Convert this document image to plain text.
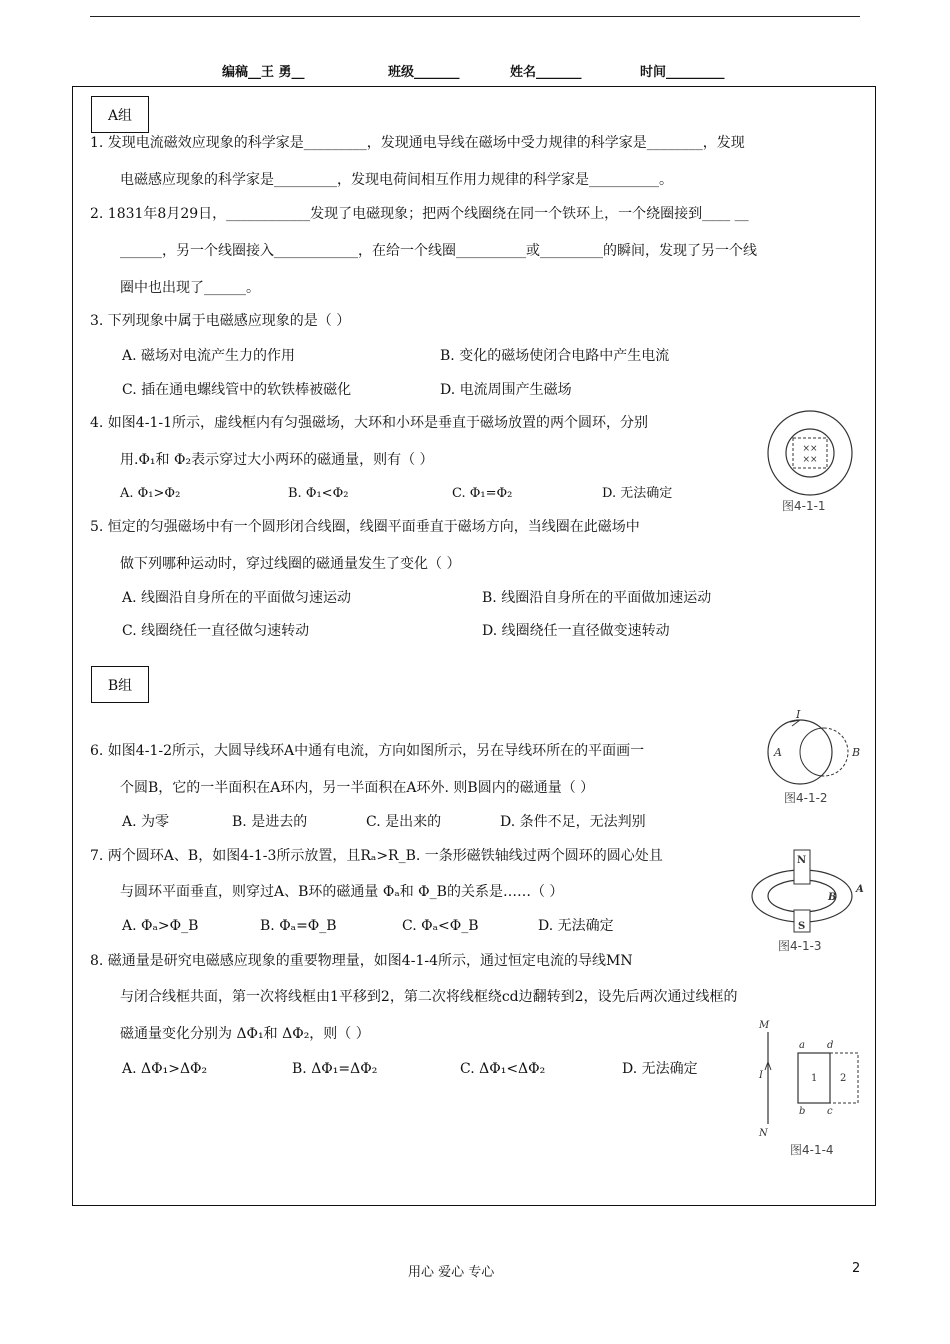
编稿__王 勇__	班级_______	姓名_______	时间_________
A组
1. 发现电流磁效应现象的科学家是_________，发现通电导线在磁场中受力规律的科学家是________，发现
电磁感应现象的科学家是_________，发现电荷间相互作用力规律的科学家是__________。
2. 1831年8月29日，____________发现了电磁现象；把两个线圈绕在同一个铁环上，一个绕圈接到____ __
______，另一个线圈接入____________，在给一个线圈__________或_________的瞬间，发现了另一个线
圈中也出现了______。
3. 下列现象中属于电磁感应现象的是（ ）
A. 磁场对电流产生力的作用	B. 变化的磁场使闭合电路中产生电流
C. 插在通电螺线管中的软铁棒被磁化	D. 电流周围产生磁场
4. 如图4-1-1所示，虚线框内有匀强磁场，大环和小环是垂直于磁场放置的两个圆环，分别
用.Φ₁和 Φ₂表示穿过大小两环的磁通量，则有（ ）
A. Φ₁>Φ₂	B. Φ₁<Φ₂	C. Φ₁=Φ₂	D. 无法确定
××
××
图4-1-1
5. 恒定的匀强磁场中有一个圆形闭合线圈，线圈平面垂直于磁场方向，当线圈在此磁场中
做下列哪种运动时，穿过线圈的磁通量发生了变化（ ）
A. 线圈沿自身所在的平面做匀速运动	B. 线圈沿自身所在的平面做加速运动
C. 线圈绕任一直径做匀速转动	D. 线圈绕任一直径做变速转动
B组
6. 如图4-1-2所示，大圆导线环A中通有电流，方向如图所示，另在导线环所在的平面画一
个圆B，它的一半面积在A环内，另一半面积在A环外. 则B圆内的磁通量（ ）
A. 为零	B. 是进去的	C. 是出来的	D. 条件不足，无法判别
I
A	B
图4-1-2
7. 两个圆环A、B，如图4-1-3所示放置，且Rₐ>R_B. 一条形磁铁轴线过两个圆环的圆心处且
与圆环平面垂直，则穿过A、B环的磁通量 Φₐ和 Φ_B的关系是……（ ）
A. Φₐ>Φ_B	B. Φₐ=Φ_B	C. Φₐ<Φ_B	D. 无法确定
N
S
B
A
图4-1-3
8. 磁通量是研究电磁感应现象的重要物理量，如图4-1-4所示，通过恒定电流的导线MN
与闭合线框共面，第一次将线框由1平移到2，第二次将线框绕cd边翻转到2，设先后两次通过线框的
磁通量变化分别为 ΔΦ₁和 ΔΦ₂，则（ ）
A. ΔΦ₁>ΔΦ₂	B. ΔΦ₁=ΔΦ₂	C. ΔΦ₁<ΔΦ₂	D. 无法确定
M
N
I
a d
b c
1 2
图4-1-4
用心 爱心 专心	2
